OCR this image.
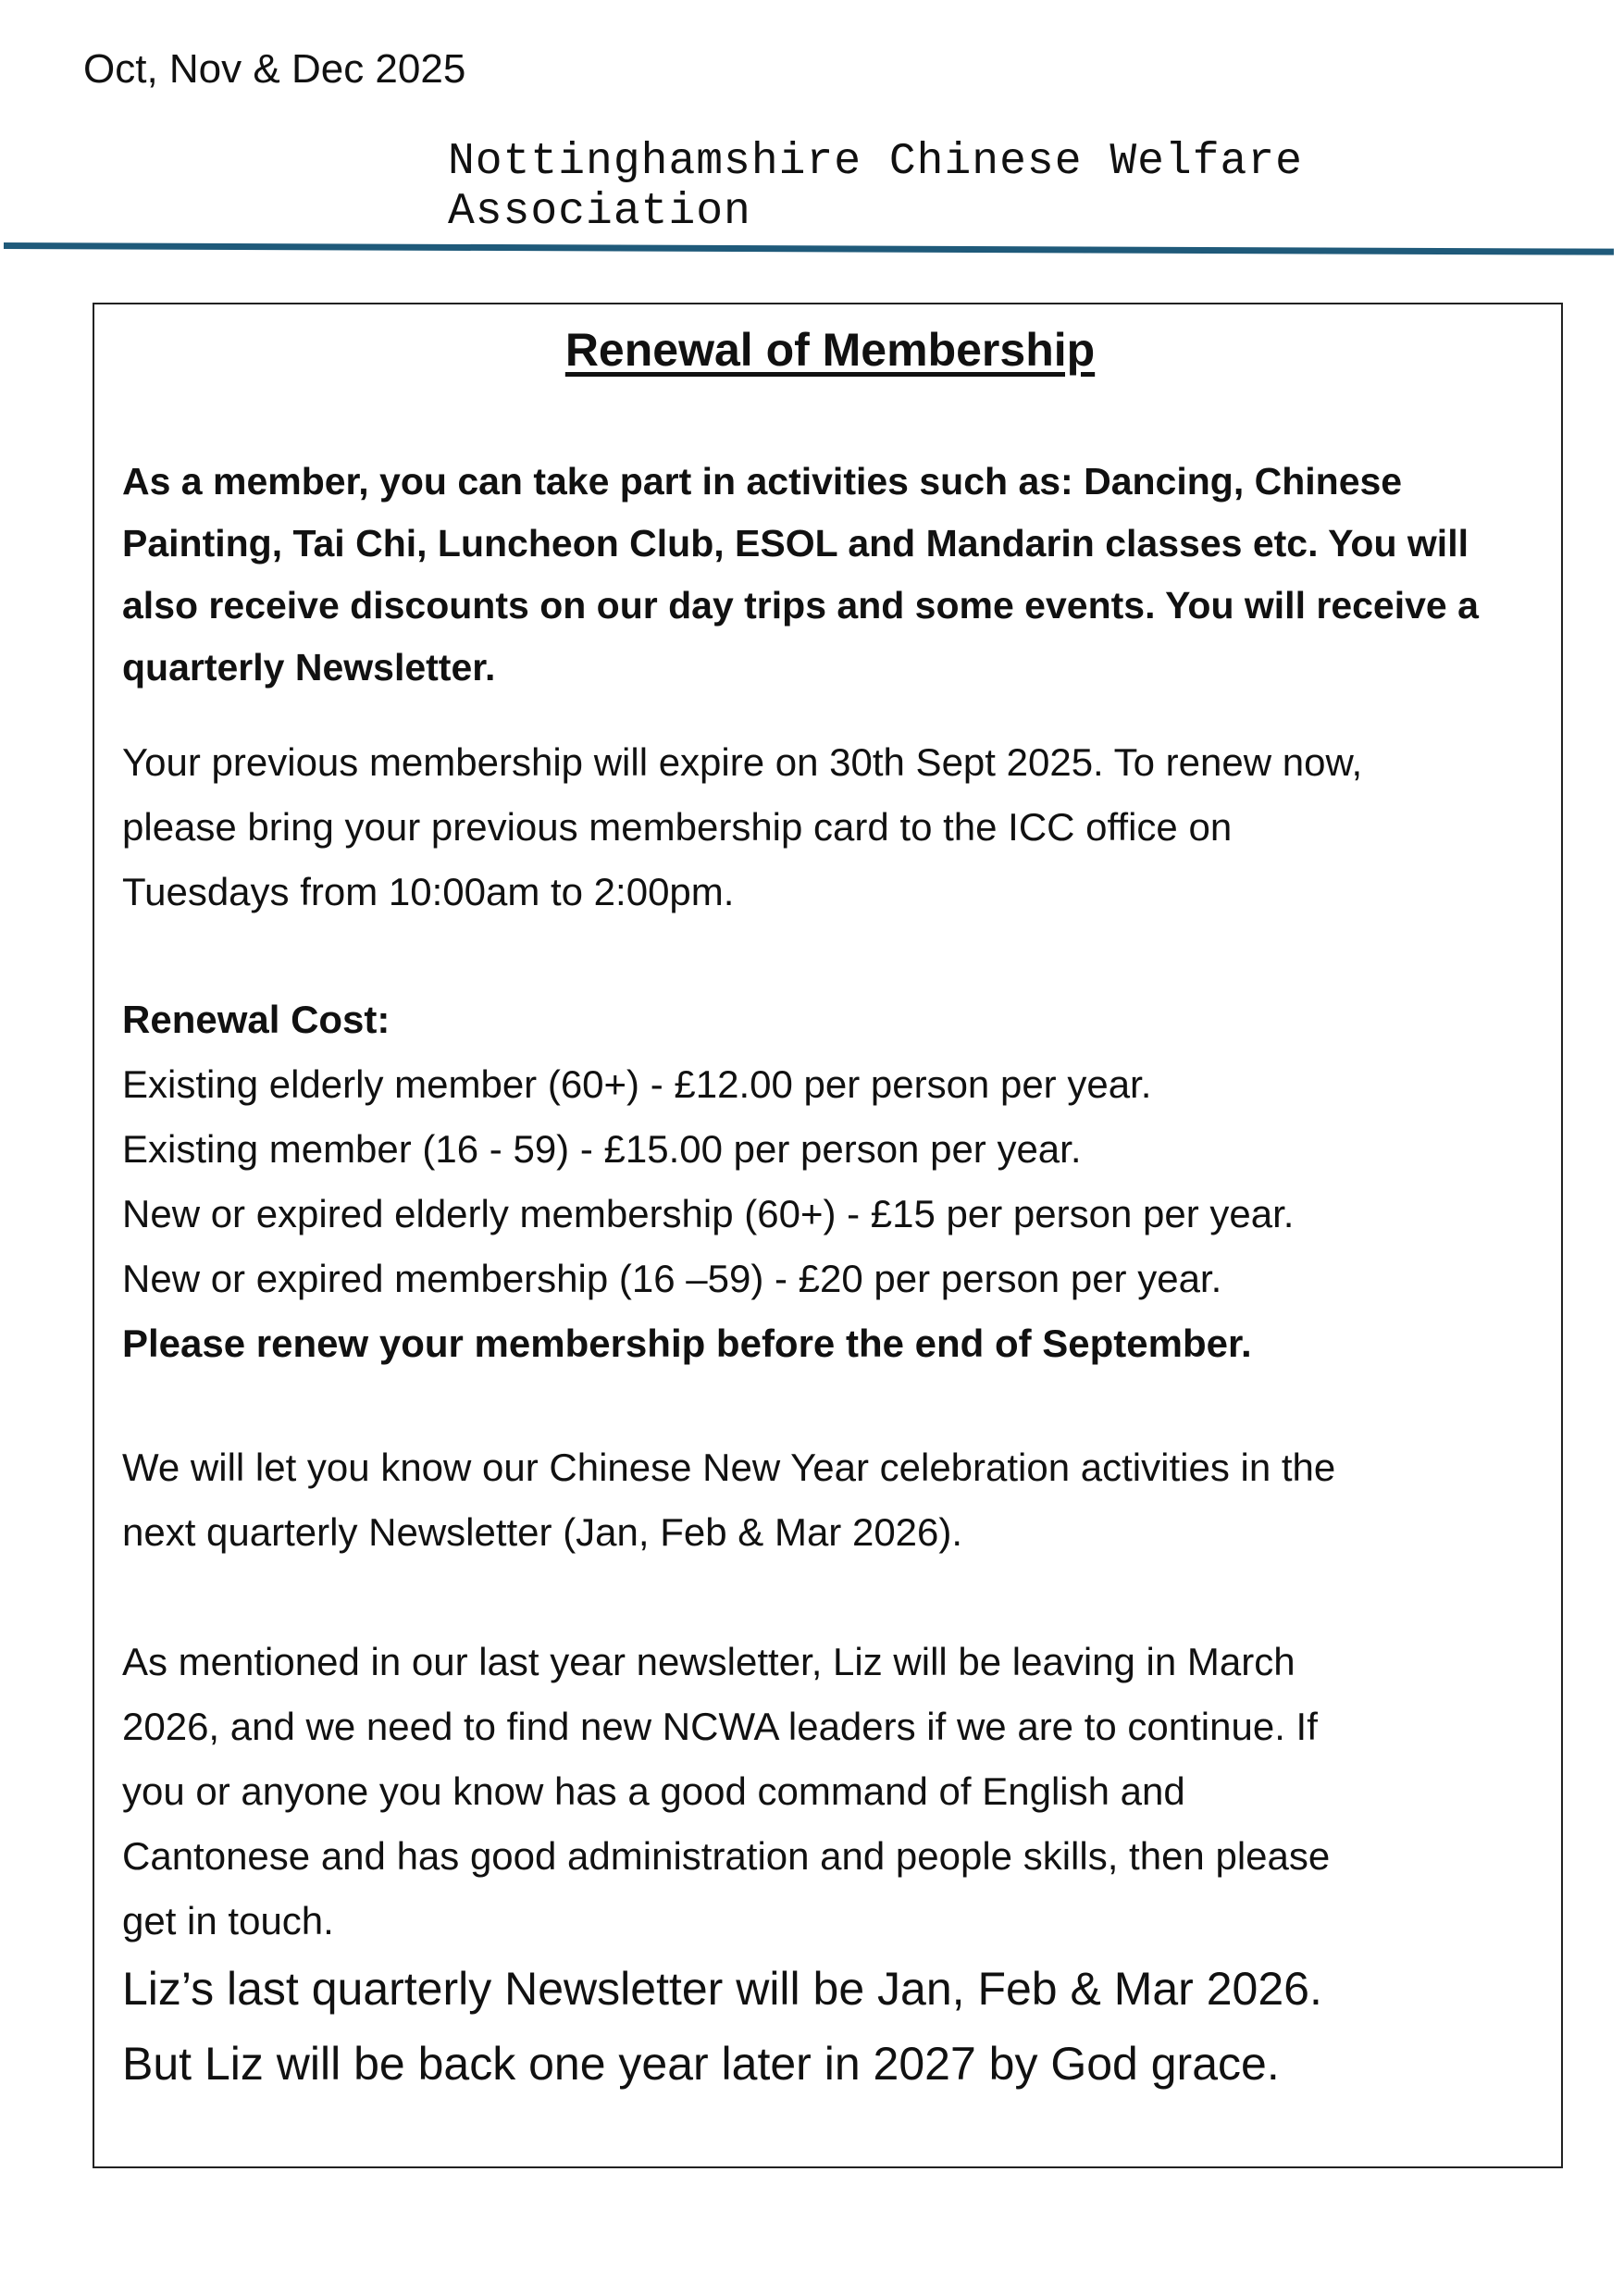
Oct, Nov & Dec 2025
Nottinghamshire Chinese Welfare Association
Renewal of Membership
As a member, you can take part in activities such as: Dancing, Chinese Painting, Tai Chi, Luncheon Club, ESOL and Mandarin classes etc. You will also receive discounts on our day trips and some events. You will receive a quarterly Newsletter.
Your previous membership will expire on 30th Sept 2025. To renew now,
please bring your previous membership card to the ICC office on
Tuesdays from 10:00am to 2:00pm.
Renewal Cost:
Existing elderly member (60+) - £12.00 per person per year.
Existing member (16 - 59) - £15.00 per person per year.
New or expired elderly membership (60+) - £15 per person per year.
New or expired membership (16 –59) - £20 per person per year.
Please renew your membership before the end of September.
We will let you know our Chinese New Year celebration activities in the
next quarterly Newsletter (Jan, Feb & Mar 2026).
As mentioned in our last year newsletter, Liz will be leaving in March
2026, and we need to find new NCWA leaders if we are to continue. If
you or anyone you know has a good command of English and
Cantonese and has good administration and people skills, then please
get in touch.
Liz’s last quarterly Newsletter will be Jan, Feb & Mar 2026.
But Liz will be back one year later in 2027 by God grace.
